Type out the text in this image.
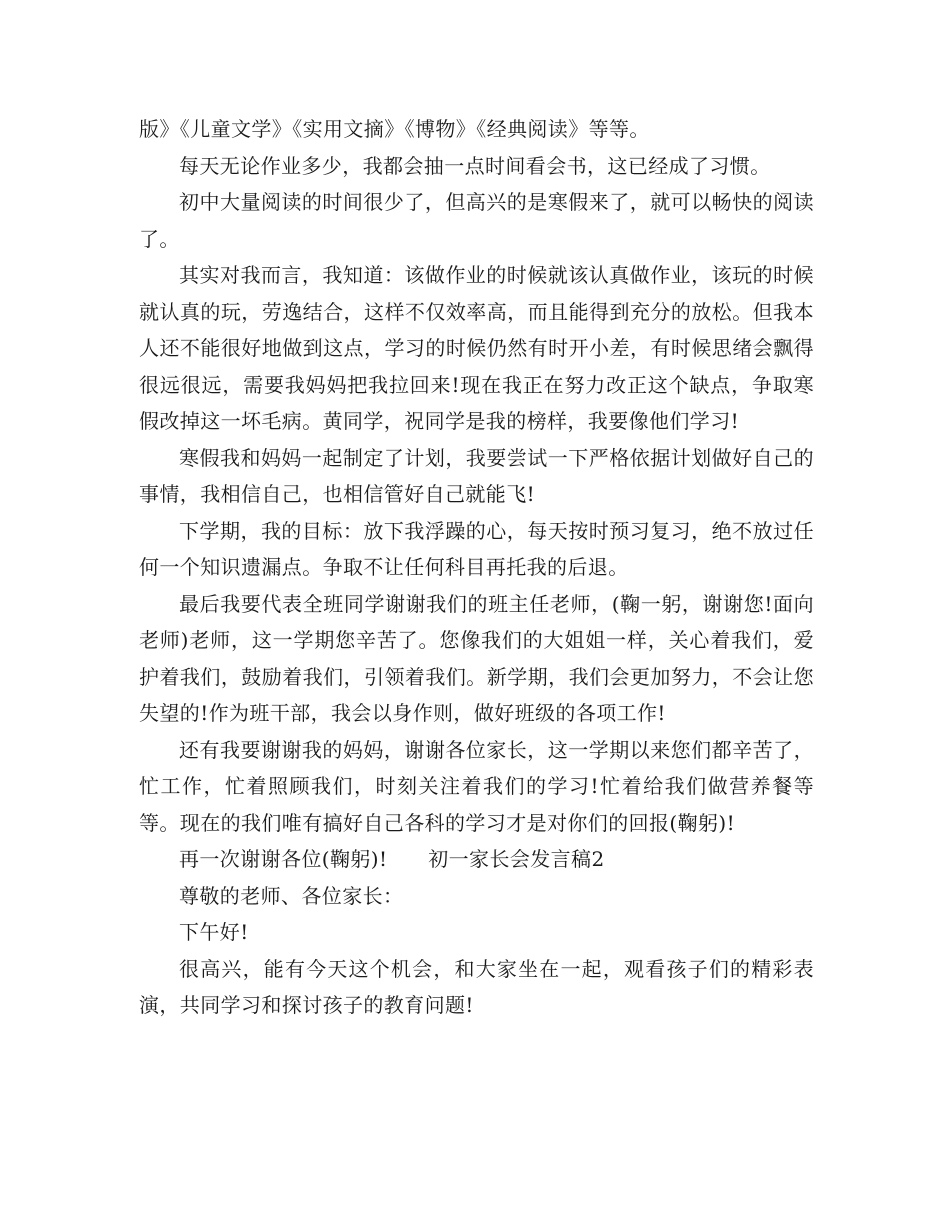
版》《儿童文学》《实用文摘》《博物》《经典阅读》等等。

每天无论作业多少，我都会抽一点时间看会书，这已经成了习惯。

初中大量阅读的时间很少了，但高兴的是寒假来了，就可以畅快的阅读了。

其实对我而言，我知道：该做作业的时候就该认真做作业，该玩的时候就认真的玩，劳逸结合，这样不仅效率高，而且能得到充分的放松。但我本人还不能很好地做到这点，学习的时候仍然有时开小差，有时候思绪会飘得很远很远，需要我妈妈把我拉回来!现在我正在努力改正这个缺点，争取寒假改掉这一坏毛病。黄同学，祝同学是我的榜样，我要像他们学习!

寒假我和妈妈一起制定了计划，我要尝试一下严格依据计划做好自己的事情，我相信自己，也相信管好自己就能飞!

下学期，我的目标：放下我浮躁的心，每天按时预习复习，绝不放过任何一个知识遗漏点。争取不让任何科目再托我的后退。

最后我要代表全班同学谢谢我们的班主任老师，(鞠一躬，谢谢您!面向老师)老师，这一学期您辛苦了。您像我们的大姐姐一样，关心着我们，爱护着我们，鼓励着我们，引领着我们。新学期，我们会更加努力，不会让您失望的!作为班干部，我会以身作则，做好班级的各项工作!

还有我要谢谢我的妈妈，谢谢各位家长，这一学期以来您们都辛苦了，忙工作，忙着照顾我们，时刻关注着我们的学习!忙着给我们做营养餐等等。现在的我们唯有搞好自己各科的学习才是对你们的回报(鞠躬)!

再一次谢谢各位(鞠躬)!　　初一家长会发言稿2

尊敬的老师、各位家长：

下午好!

很高兴，能有今天这个机会，和大家坐在一起，观看孩子们的精彩表演，共同学习和探讨孩子的教育问题!
